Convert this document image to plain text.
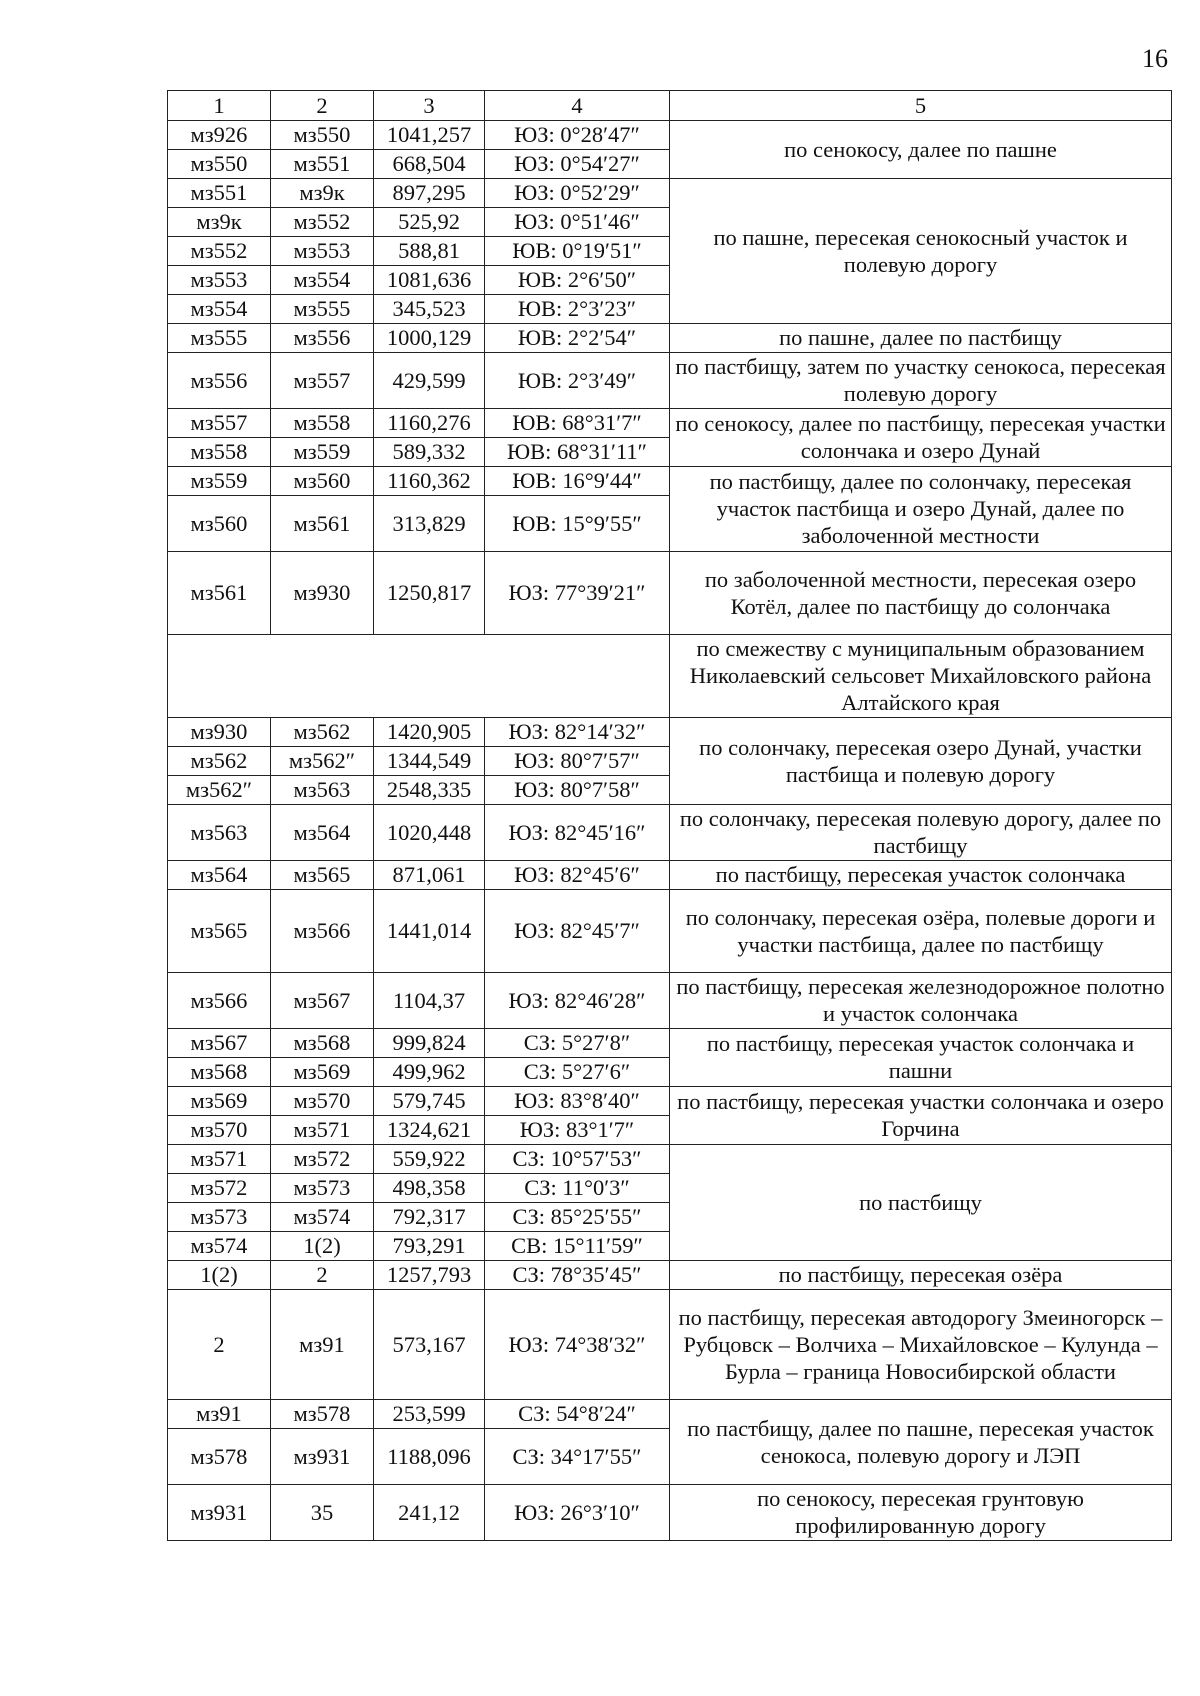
16
1	2	3	4	5
мз926	мз550	1041,257	ЮЗ: 0°28′47″	по сенокосу, далее по пашне
мз550	мз551	668,504	ЮЗ: 0°54′27″	
мз551	мз9к	897,295	ЮЗ: 0°52′29″	по пашне, пересекая сенокосный участок и полевую дорогу
мз9к	мз552	525,92	ЮЗ: 0°51′46″	
мз552	мз553	588,81	ЮВ: 0°19′51″	
мз553	мз554	1081,636	ЮВ: 2°6′50″	
мз554	мз555	345,523	ЮВ: 2°3′23″	
мз555	мз556	1000,129	ЮВ: 2°2′54″	по пашне, далее по пастбищу
мз556	мз557	429,599	ЮВ: 2°3′49″	по пастбищу, затем по участку сенокоса, пересекая полевую дорогу
мз557	мз558	1160,276	ЮВ: 68°31′7″	по сенокосу, далее по пастбищу, пересекая участки солончака и озеро Дунай
мз558	мз559	589,332	ЮВ: 68°31′11″	
мз559	мз560	1160,362	ЮВ: 16°9′44″	по пастбищу, далее по солончаку, пересекая участок пастбища и озеро Дунай, далее по заболоченной местности
мз560	мз561	313,829	ЮВ: 15°9′55″	
мз561	мз930	1250,817	ЮЗ: 77°39′21″	по заболоченной местности, пересекая озеро Котёл, далее по пастбищу до солончака
				по смежеству с муниципальным образованием Николаевский сельсовет Михайловского района Алтайского края
мз930	мз562	1420,905	ЮЗ: 82°14′32″	по солончаку, пересекая озеро Дунай, участки пастбища и полевую дорогу
мз562	мз562″	1344,549	ЮЗ: 80°7′57″	
мз562″	мз563	2548,335	ЮЗ: 80°7′58″	
мз563	мз564	1020,448	ЮЗ: 82°45′16″	по солончаку, пересекая полевую дорогу, далее по пастбищу
мз564	мз565	871,061	ЮЗ: 82°45′6″	по пастбищу, пересекая участок солончака
мз565	мз566	1441,014	ЮЗ: 82°45′7″	по солончаку, пересекая озёра, полевые дороги и участки пастбища, далее по пастбищу
мз566	мз567	1104,37	ЮЗ: 82°46′28″	по пастбищу, пересекая железнодорожное полотно и участок солончака
мз567	мз568	999,824	СЗ: 5°27′8″	по пастбищу, пересекая участок солончака и пашни
мз568	мз569	499,962	СЗ: 5°27′6″	
мз569	мз570	579,745	ЮЗ: 83°8′40″	по пастбищу, пересекая участки солончака и озеро Горчина
мз570	мз571	1324,621	ЮЗ: 83°1′7″	
мз571	мз572	559,922	СЗ: 10°57′53″	по пастбищу
мз572	мз573	498,358	СЗ: 11°0′3″	
мз573	мз574	792,317	СЗ: 85°25′55″	
мз574	1(2)	793,291	СВ: 15°11′59″	
1(2)	2	1257,793	СЗ: 78°35′45″	по пастбищу, пересекая озёра
2	мз91	573,167	ЮЗ: 74°38′32″	по пастбищу, пересекая автодорогу Змеиногорск – Рубцовск – Волчиха – Михайловское – Кулунда – Бурла – граница Новосибирской области
мз91	мз578	253,599	СЗ: 54°8′24″	по пастбищу, далее по пашне, пересекая участок сенокоса, полевую дорогу и ЛЭП
мз578	мз931	1188,096	СЗ: 34°17′55″	
мз931	35	241,12	ЮЗ: 26°3′10″	по сенокосу, пересекая грунтовую профилированную дорогу
